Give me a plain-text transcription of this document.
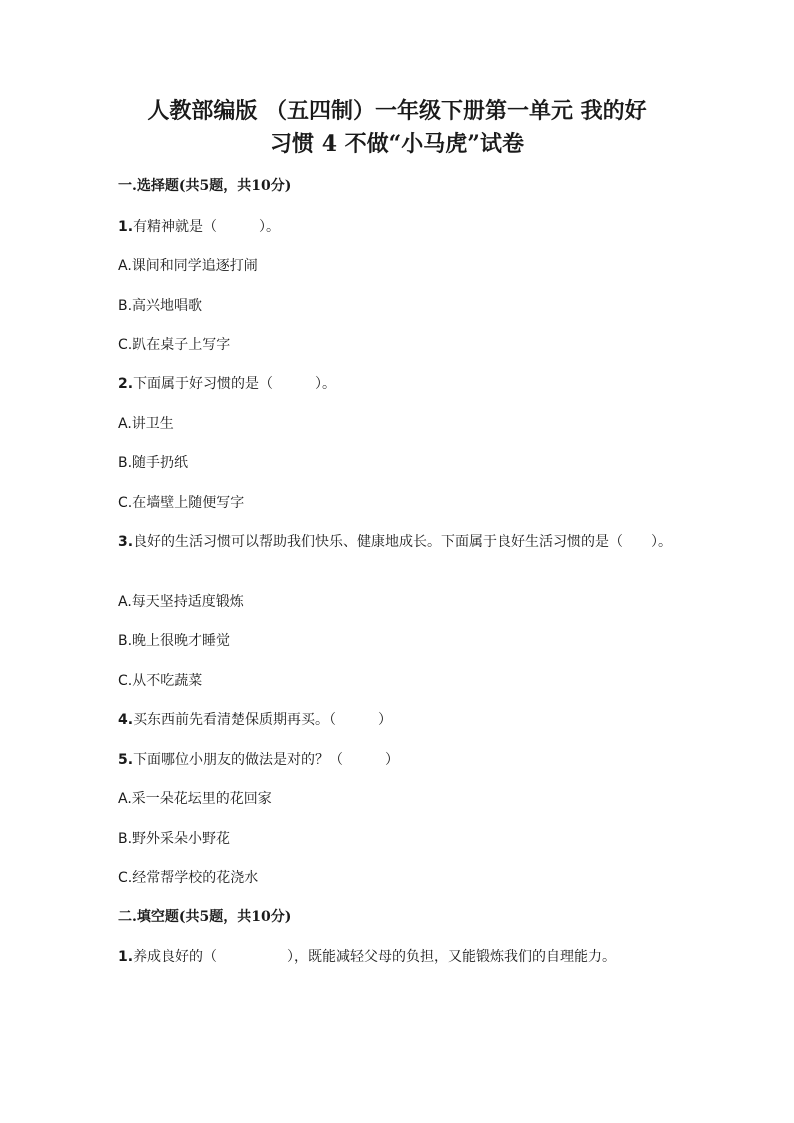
人教部编版 （五四制）一年级下册第一单元 我的好
习惯 4 不做“小马虎”试卷
一.选择题(共5题，共10分)
1.有精神就是（　　　）。
A.课间和同学追逐打闹
B.高兴地唱歌
C.趴在桌子上写字
2.下面属于好习惯的是（　　　）。
A.讲卫生
B.随手扔纸
C.在墙壁上随便写字
3.良好的生活习惯可以帮助我们快乐、健康地成长。下面属于良好生活习惯的是（　　）。
A.每天坚持适度锻炼
B.晚上很晚才睡觉
C.从不吃蔬菜
4.买东西前先看清楚保质期再买。（　　　）
5.下面哪位小朋友的做法是对的？（　　　）
A.采一朵花坛里的花回家
B.野外采朵小野花
C.经常帮学校的花浇水
二.填空题(共5题，共10分)
1.养成良好的（　　　　　），既能减轻父母的负担，又能锻炼我们的自理能力。
